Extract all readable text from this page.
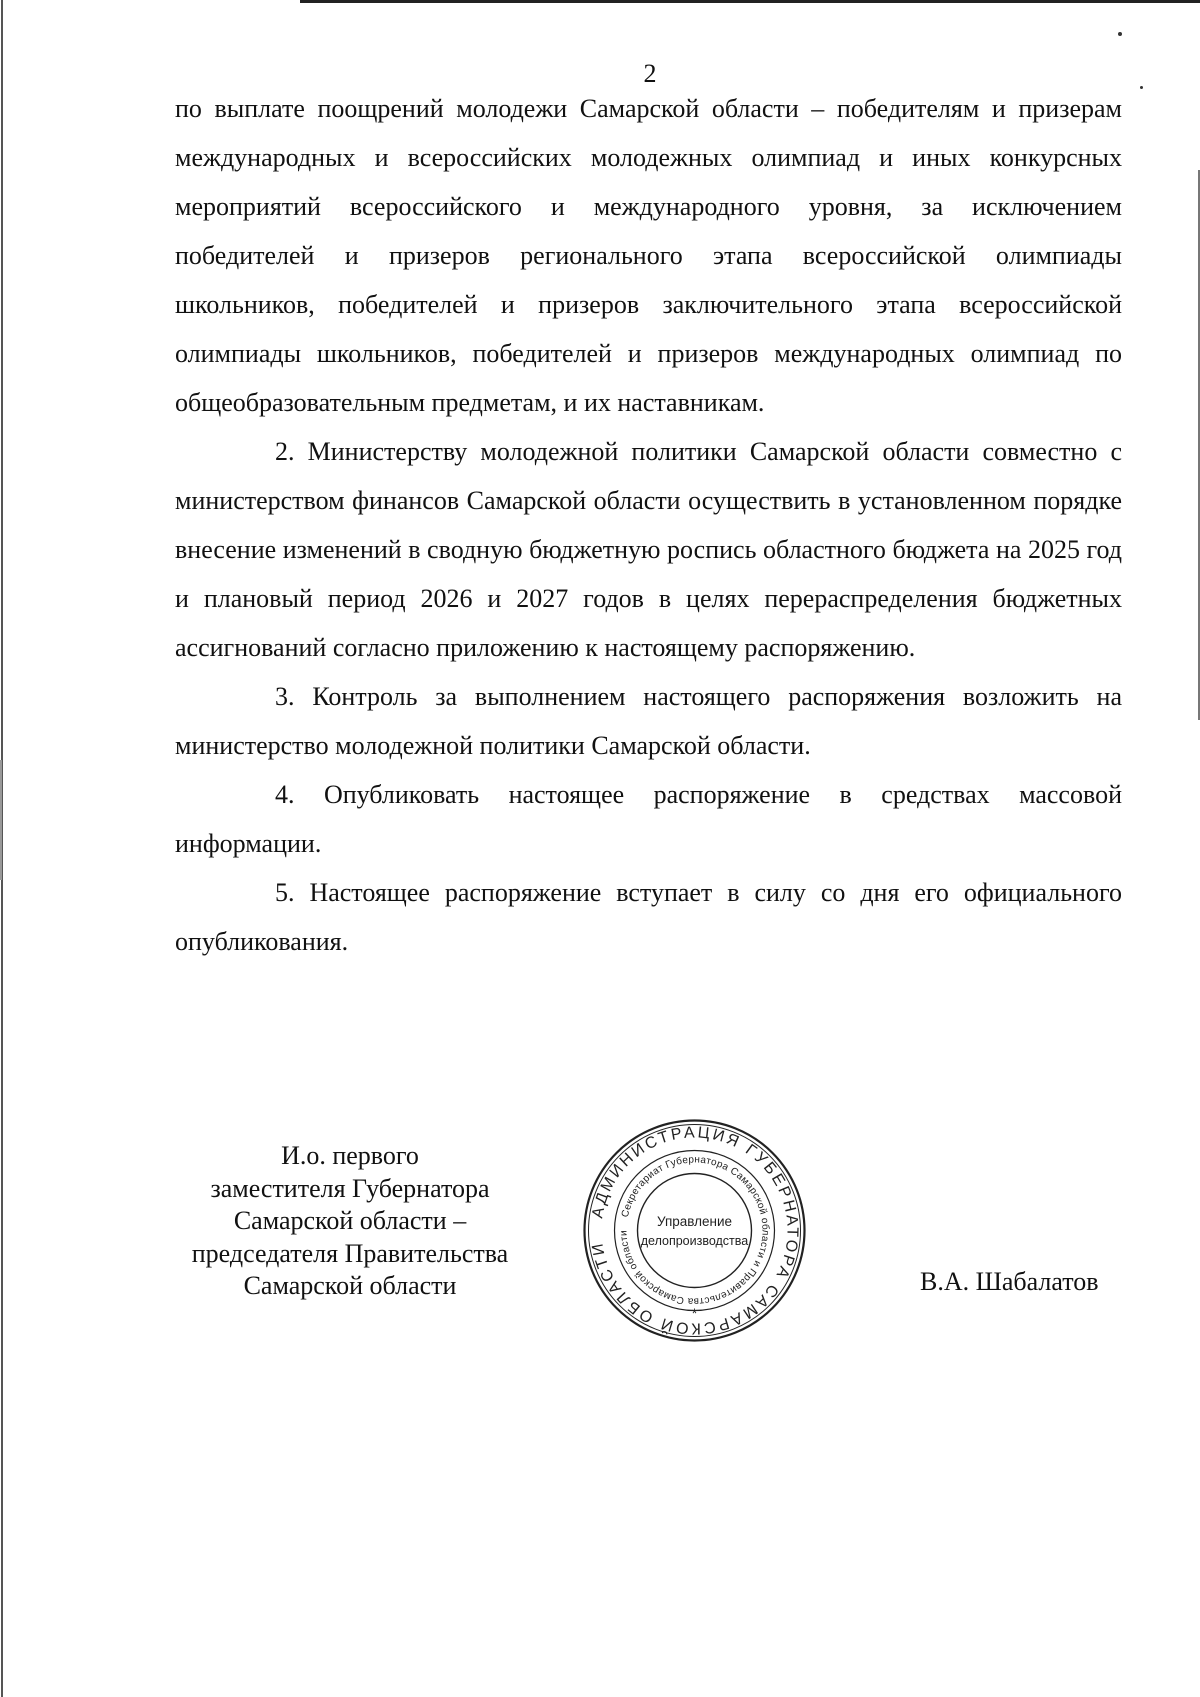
2

по выплате поощрений молодежи Самарской области – победителям и призерам международных и всероссийских молодежных олимпиад и иных конкурсных мероприятий всероссийского и международного уровня, за исключением победителей и призеров регионального этапа всероссийской олимпиады школьников, победителей и призеров заключительного этапа всероссийской олимпиады школьников, победителей и призеров международных олимпиад по общеобразовательным предметам, и их наставникам.

2. Министерству молодежной политики Самарской области совместно с министерством финансов Самарской области осуществить в установленном порядке внесение изменений в сводную бюджетную роспись областного бюджета на 2025 год и плановый период 2026 и 2027 годов в целях перераспределения бюджетных ассигнований согласно приложению к настоящему распоряжению.

3. Контроль за выполнением настоящего распоряжения возложить на министерство молодежной политики Самарской области.

4. Опубликовать настоящее распоряжение в средствах массовой информации.

5. Настоящее распоряжение вступает в силу со дня его официального опубликования.

И.о. первого
заместителя Губернатора
Самарской области –
председателя Правительства
Самарской области
АДМИНИСТРАЦИЯ ГУБЕРНАТОРА САМАРСКОЙ ОБЛАСТИ
Секретариат Губернатора Самарской области и Правительства Самарской области
Управление
делопроизводства
*
В.А. Шабалатов
